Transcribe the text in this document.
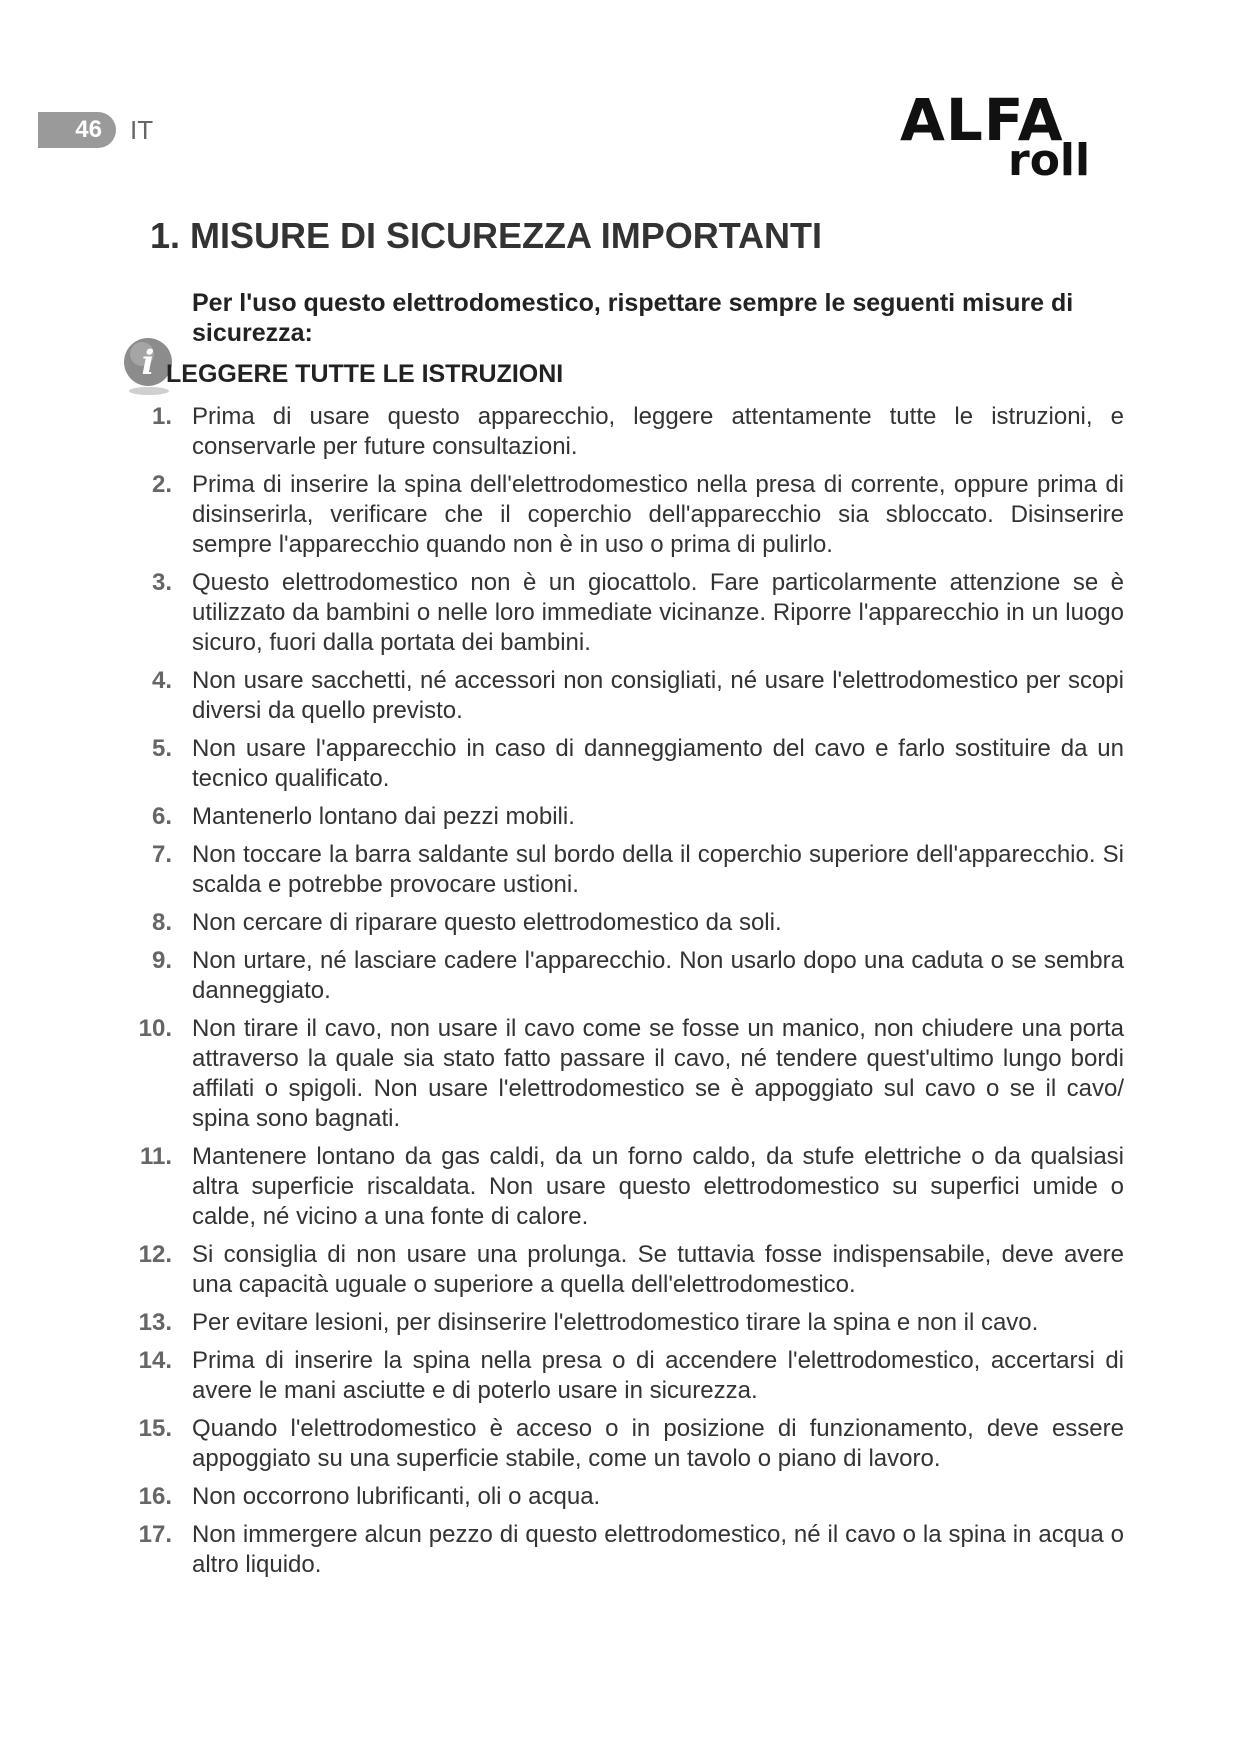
46 IT	ALFA
roll
1. MISURE DI SICUREZZA IMPORTANTI
Per l'uso questo elettrodomestico, rispettare sempre le seguenti misure di
sicurezza:
i LEGGERE TUTTE LE ISTRUZIONI
1. Prima di usare questo apparecchio, leggere attentamente tutte le istruzioni, e conservarle per future consultazioni.
2. Prima di inserire la spina dell'elettrodomestico nella presa di corrente, oppure prima di disinserirla, verificare che il coperchio dell'apparecchio sia sbloccato. Disinserire sempre l'apparecchio quando non è in uso o prima di pulirlo.
3. Questo elettrodomestico non è un giocattolo. Fare particolarmente attenzione se è utilizzato da bambini o nelle loro immediate vicinanze. Riporre l'apparecchio in un luogo sicuro, fuori dalla portata dei bambini.
4. Non usare sacchetti, né accessori non consigliati, né usare l'elettrodomestico per scopi diversi da quello previsto.
5. Non usare l'apparecchio in caso di danneggiamento del cavo e farlo sostituire da un tecnico qualificato.
6. Mantenerlo lontano dai pezzi mobili.
7. Non toccare la barra saldante sul bordo della il coperchio superiore dell'apparecchio. Si scalda e potrebbe provocare ustioni.
8. Non cercare di riparare questo elettrodomestico da soli.
9. Non urtare, né lasciare cadere l'apparecchio. Non usarlo dopo una caduta o se sembra danneggiato.
10. Non tirare il cavo, non usare il cavo come se fosse un manico, non chiudere una porta attraverso la quale sia stato fatto passare il cavo, né tendere quest'ultimo lungo bordi affilati o spigoli. Non usare l'elettrodomestico se è appoggiato sul cavo o se il cavo/ spina sono bagnati.
11. Mantenere lontano da gas caldi, da un forno caldo, da stufe elettriche o da qualsiasi altra superficie riscaldata. Non usare questo elettrodomestico su superfici umide o calde, né vicino a una fonte di calore.
12. Si consiglia di non usare una prolunga. Se tuttavia fosse indispensabile, deve avere una capacità uguale o superiore a quella dell'elettrodomestico.
13. Per evitare lesioni, per disinserire l'elettrodomestico tirare la spina e non il cavo.
14. Prima di inserire la spina nella presa o di accendere l'elettrodomestico, accertarsi di avere le mani asciutte e di poterlo usare in sicurezza.
15. Quando l'elettrodomestico è acceso o in posizione di funzionamento, deve essere appoggiato su una superficie stabile, come un tavolo o piano di lavoro.
16. Non occorrono lubrificanti, oli o acqua.
17. Non immergere alcun pezzo di questo elettrodomestico, né il cavo o la spina in acqua o altro liquido.
